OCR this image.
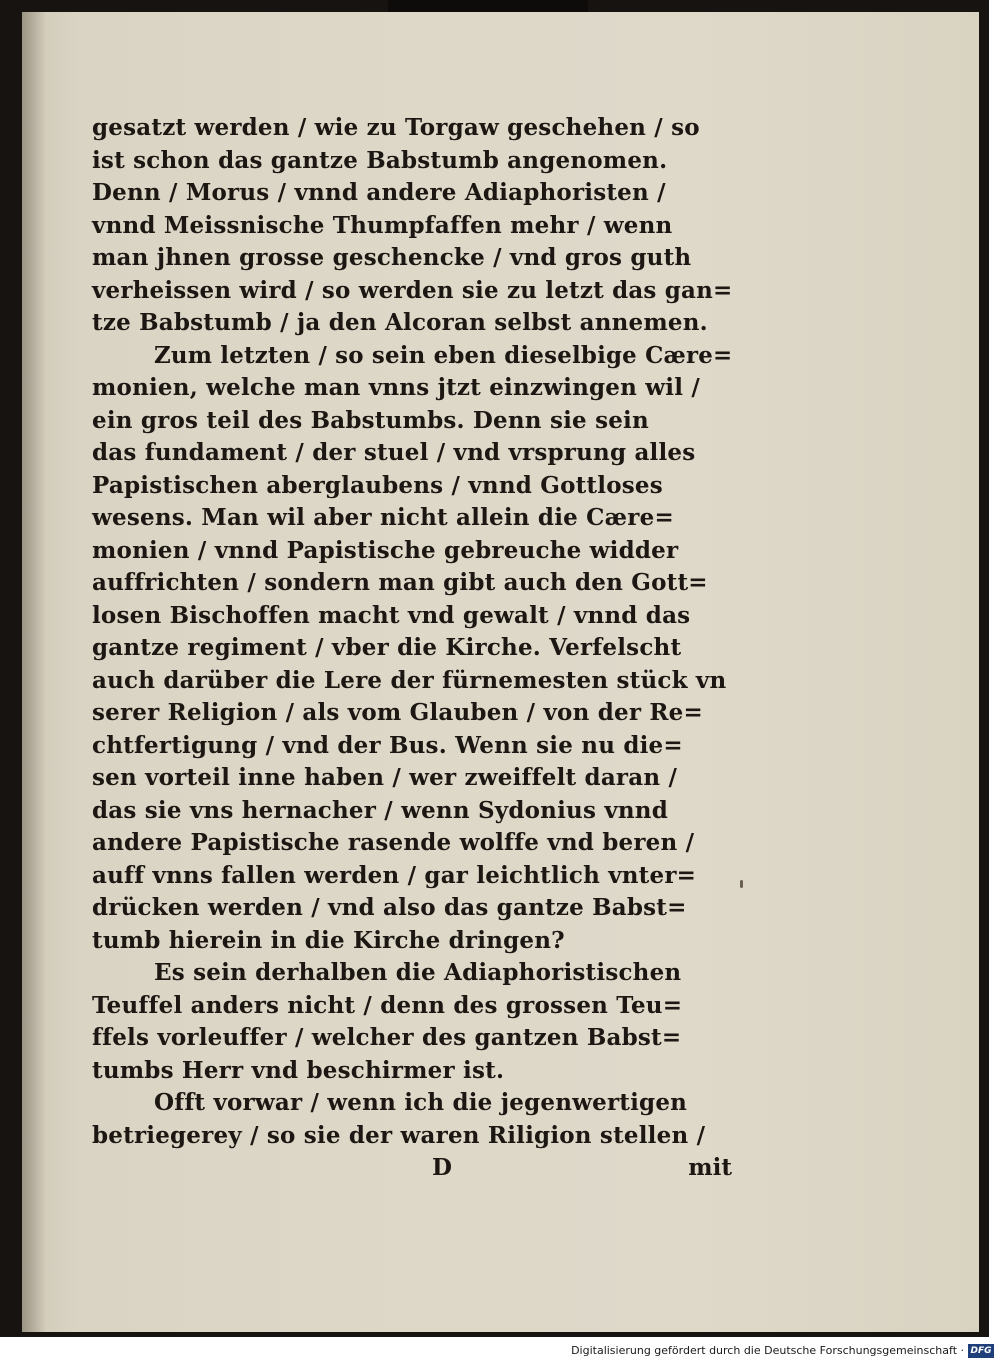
gesatzt werden / wie zu Torgaw geschehen / so
ist schon das gantze Babstumb angenomen.
Denn / Morus / vnnd andere Adiaphoristen /
vnnd Meissnische Thumpfaffen mehr / wenn
man jhnen grosse geschencke / vnd gros guth
verheissen wird / so werden sie zu letzt das gan=
tze Babstumb / ja den Alcoran selbst annemen.
Zum letzten / so sein eben dieselbige Cære=
monien, welche man vnns jtzt einzwingen wil /
ein gros teil des Babstumbs. Denn sie sein
das fundament / der stuel / vnd vrsprung alles
Papistischen aberglaubens / vnnd Gottloses
wesens. Man wil aber nicht allein die Cære=
monien / vnnd Papistische gebreuche widder
auffrichten / sondern man gibt auch den Gott=
losen Bischoffen macht vnd gewalt / vnnd das
gantze regiment / vber die Kirche. Verfelscht
auch darüber die Lere der fürnemesten stück vn
serer Religion / als vom Glauben / von der Re=
chtfertigung / vnd der Bus. Wenn sie nu die=
sen vorteil inne haben / wer zweiffelt daran /
das sie vns hernacher / wenn Sydonius vnnd
andere Papistische rasende wolffe vnd beren /
auff vnns fallen werden / gar leichtlich vnter=
drücken werden / vnd also das gantze Babst=
tumb hierein in die Kirche dringen?
Es sein derhalben die Adiaphoristischen
Teuffel anders nicht / denn des grossen Teu=
ffels vorleuffer / welcher des gantzen Babst=
tumbs Herr vnd beschirmer ist.
Offt vorwar / wenn ich die jegenwertigen
betriegerey / so sie der waren Riligion stellen /
D	mit
Digitalisierung gefördert durch die Deutsche Forschungsgemeinschaft · DFG
